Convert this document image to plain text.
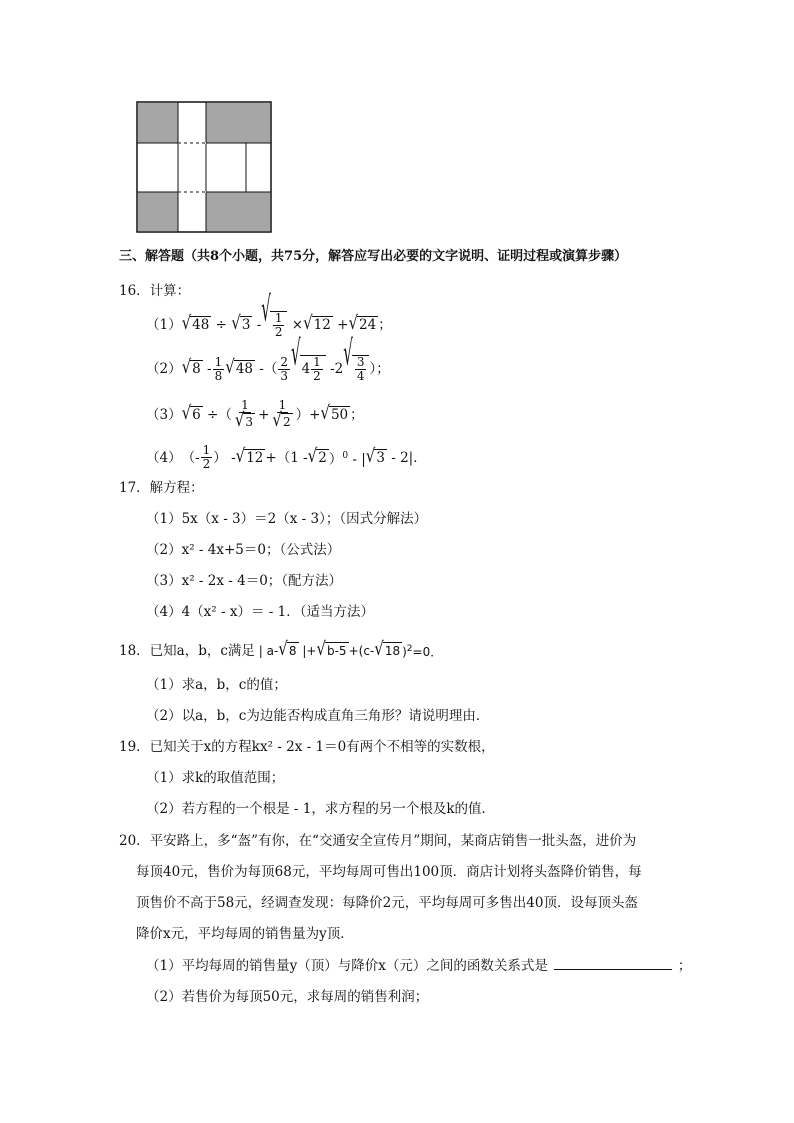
三、解答题（共8个小题，共75分，解答应写出必要的文字说明、证明过程或演算步骤）
16．计算：
（1） √ 48 ÷ √ 3 - √ $\frac{1}{2}$ × √ 12 + √ 24 ；
（2） √ $8 - \frac{1}{8}$ √ 48 -（ $\frac{2}{3}$ √ $4 \frac{1}{2} -2$ √ $\frac{3}{4}$ ）；
（3） √ 6 ÷（ $\frac{1}{√ 3} + \frac{1}{√ 2}$ ）+ √ 50 ；
（4） （- $\frac{1}{2}$ ） - √ 12 +（1 - √ 2 ）$^0$ - | √ 3 - 2|．
17．解方程：
（1）5x（x - 3）＝2（x - 3）；（因式分解法）
（2）x² - 4x+5＝0；（公式法）
（3）x² - 2x - 4＝0；（配方法）
（4）4（x² - x）＝ - 1．（适当方法）
18．已知a，b，c满足 | a- √ 8 |+ √ b-5 +(c- √ 18 )$^2$=0．
（1）求a，b，c的值；
（2）以a，b，c为边能否构成直角三角形？请说明理由．
19．已知关于x的方程kx² - 2x - 1＝0有两个不相等的实数根，
（1）求k的取值范围；
（2）若方程的一个根是 - 1，求方程的另一个根及k的值．
20．平安路上，多“盔”有你，在“交通安全宣传月”期间，某商店销售一批头盔，进价为
每顶40元，售价为每顶68元，平均每周可售出100顶．商店计划将头盔降价销售，每
顶售价不高于58元，经调查发现：每降价2元，平均每周可多售出40顶．设每顶头盔
降价x元，平均每周的销售量为y顶．
（1）平均每周的销售量y（顶）与降价x（元）之间的函数关系式是	；
（2）若售价为每顶50元，求每周的销售利润；
